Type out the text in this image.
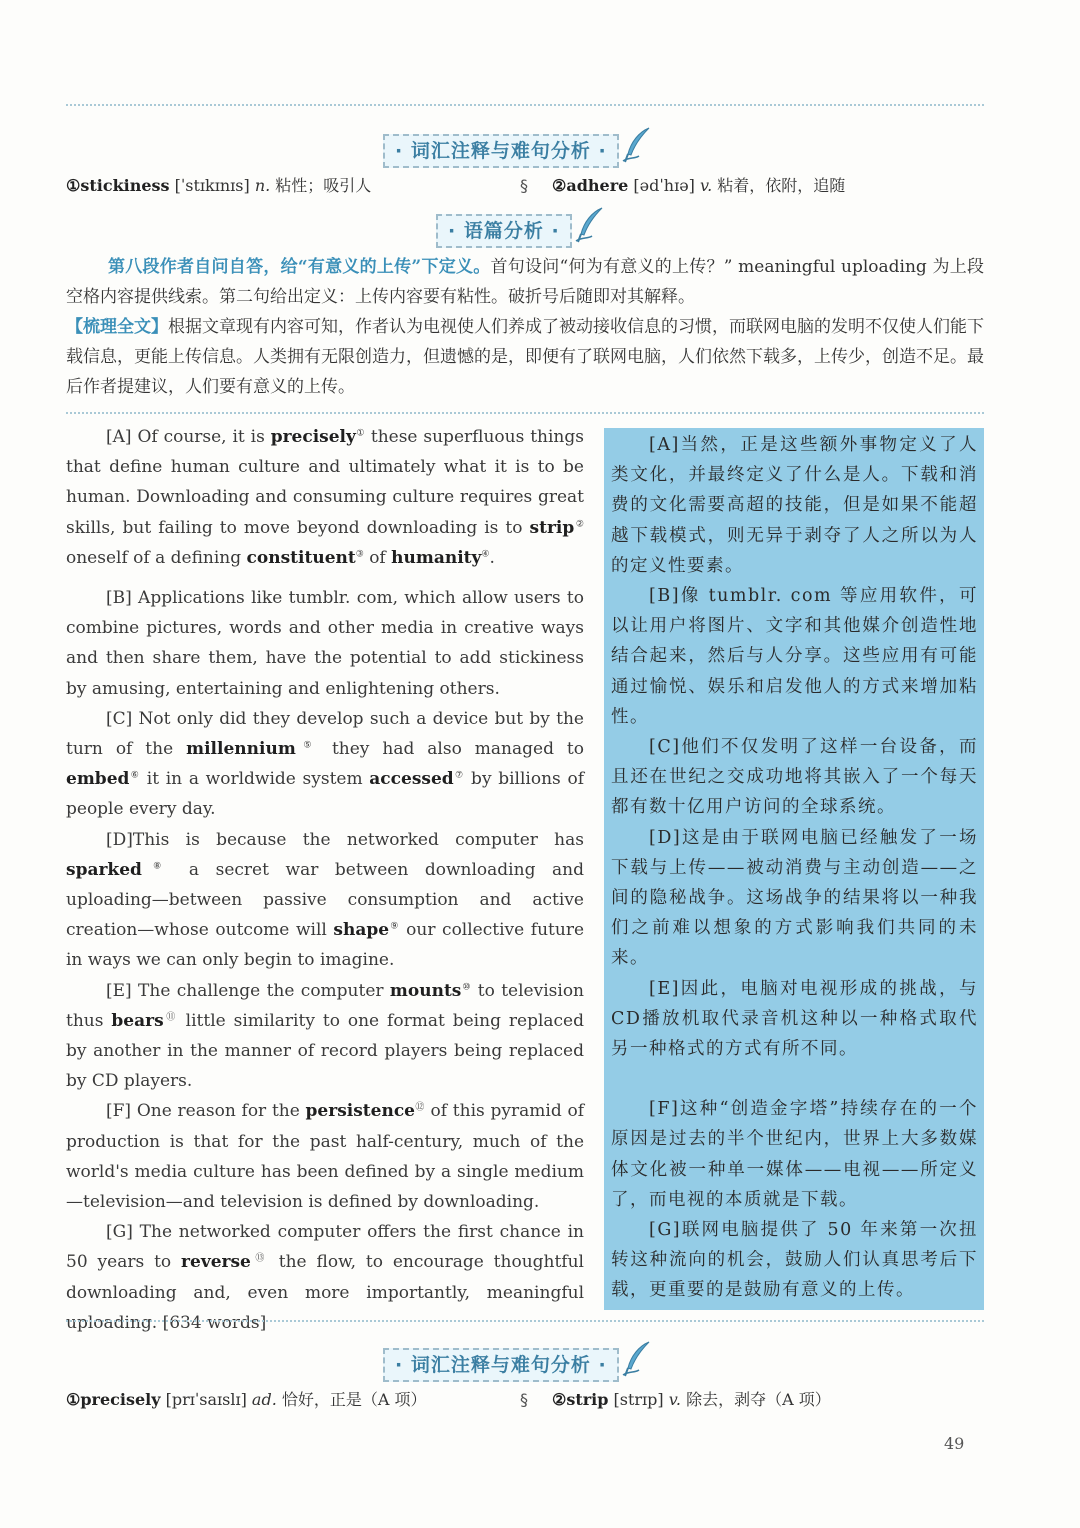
· 词汇注释与难句分析 ·
①stickiness [ˈstɪkɪnɪs] n. 粘性；吸引人	§ ②adhere [ədˈhɪə] v. 粘着，依附，追随
· 语篇分析 ·

第八段作者自问自答，给“有意义的上传”下定义。首句设问“何为有意义的上传？” meaningful uploading 为上段空格内容提供线索。第二句给出定义：上传内容要有粘性。破折号后随即对其解释。

【梳理全文】根据文章现有内容可知，作者认为电视使人们养成了被动接收信息的习惯，而联网电脑的发明不仅使人们能下载信息，更能上传信息。人类拥有无限创造力，但遗憾的是，即便有了联网电脑，人们依然下载多，上传少，创造不足。最后作者提建议，人们要有意义的上传。

[A] Of course, it is precisely① these superfluous things that define human culture and ultimately what it is to be human. Downloading and consuming culture requires great skills, but failing to move beyond downloading is to strip② oneself of a defining constituent③ of humanity④.

[B] Applications like tumblr. com, which allow users to combine pictures, words and other media in creative ways and then share them, have the potential to add stickiness by amusing, entertaining and enlightening others.

[C] Not only did they develop such a device but by the turn of the millennium⑤ they had also managed to embed⑥ it in a worldwide system accessed⑦ by billions of people every day.

[D]This is because the networked computer has sparked⑧ a secret war between downloading and uploading—between passive consumption and active creation—whose outcome will shape⑨ our collective future in ways we can only begin to imagine.

[E] The challenge the computer mounts⑩ to television thus bears⑪ little similarity to one format being replaced by another in the manner of record players being replaced by CD players.

[F] One reason for the persistence⑫ of this pyramid of production is that for the past half-century, much of the world's media culture has been defined by a single medium—television—and television is defined by downloading.

[G] The networked computer offers the first chance in 50 years to reverse⑬ the flow, to encourage thoughtful downloading and, even more importantly, meaningful uploading. [634 words]

[A]当然，正是这些额外事物定义了人类文化，并最终定义了什么是人。下载和消费的文化需要高超的技能，但是如果不能超越下载模式，则无异于剥夺了人之所以为人的定义性要素。

[B]像 tumblr. com 等应用软件，可以让用户将图片、文字和其他媒介创造性地结合起来，然后与人分享。这些应用有可能通过愉悦、娱乐和启发他人的方式来增加粘性。

[C]他们不仅发明了这样一台设备，而且还在世纪之交成功地将其嵌入了一个每天都有数十亿用户访问的全球系统。

[D]这是由于联网电脑已经触发了一场下载与上传——被动消费与主动创造——之间的隐秘战争。这场战争的结果将以一种我们之前难以想象的方式影响我们共同的未来。

[E]因此，电脑对电视形成的挑战，与CD播放机取代录音机这种以一种格式取代另一种格式的方式有所不同。

[F]这种“创造金字塔”持续存在的一个原因是过去的半个世纪内，世界上大多数媒体文化被一种单一媒体——电视——所定义了，而电视的本质就是下载。

[G]联网电脑提供了 50 年来第一次扭转这种流向的机会，鼓励人们认真思考后下载，更重要的是鼓励有意义的上传。

· 词汇注释与难句分析 ·
①precisely [prɪˈsaɪslɪ] ad. 恰好，正是（A 项）	§ ②strip [strɪp] v. 除去，剥夺（A 项）
49
